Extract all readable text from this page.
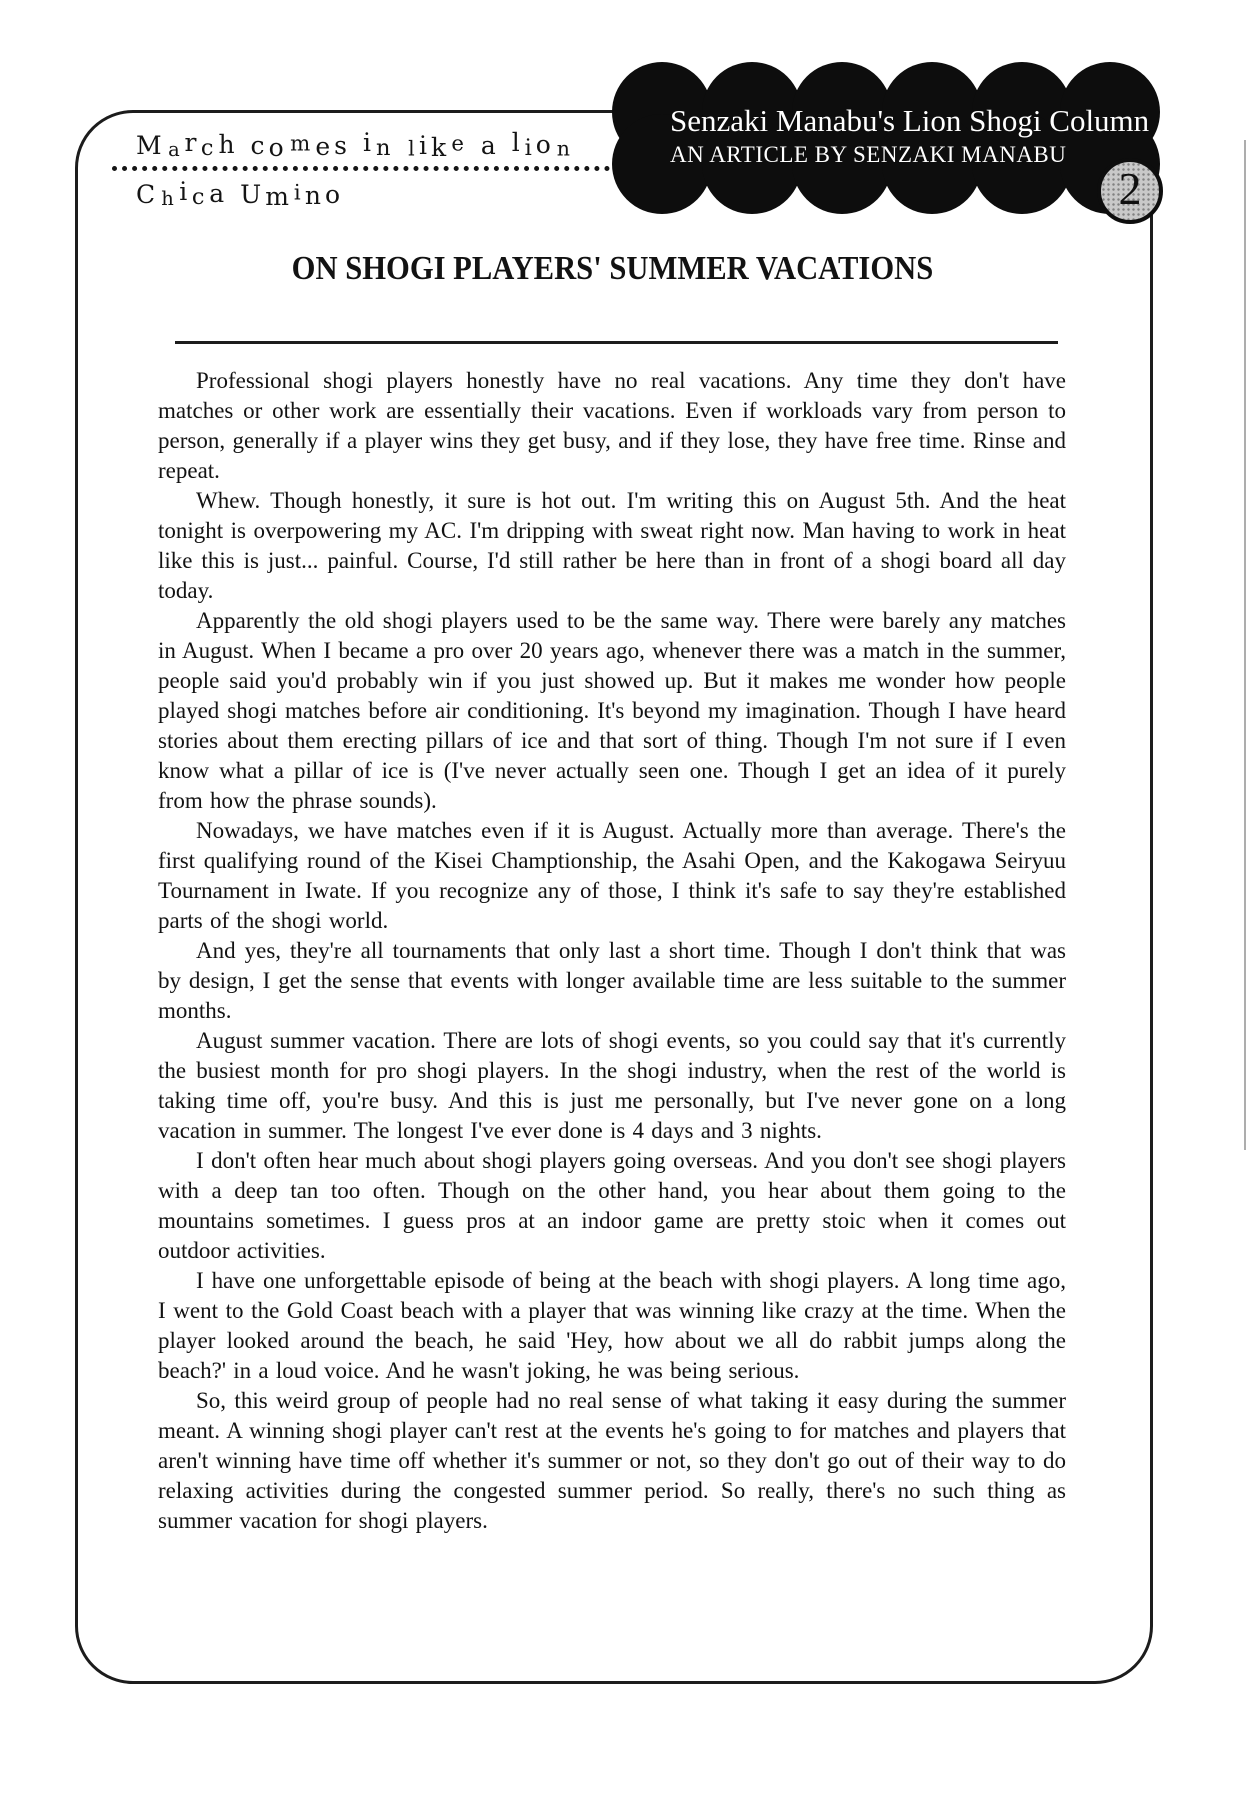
March comes in like a lion
Chica Umino
Senzaki Manabu's Lion Shogi Column
AN ARTICLE BY SENZAKI MANABU
2
ON SHOGI PLAYERS' SUMMER VACATIONS

Professional shogi players honestly have no real vacations. Any time they don't have matches or other work are essentially their vacations. Even if workloads vary from person to person, generally if a player wins they get busy, and if they lose, they have free time. Rinse and repeat.

Whew. Though honestly, it sure is hot out. I'm writing this on August 5th. And the heat tonight is overpowering my AC. I'm dripping with sweat right now. Man having to work in heat like this is just... painful. Course, I'd still rather be here than in front of a shogi board all day today.

Apparently the old shogi players used to be the same way. There were barely any matches in August. When I became a pro over 20 years ago, whenever there was a match in the summer, people said you'd probably win if you just showed up. But it makes me wonder how people played shogi matches before air conditioning. It's beyond my imagination. Though I have heard stories about them erecting pillars of ice and that sort of thing. Though I'm not sure if I even know what a pillar of ice is (I've never actually seen one. Though I get an idea of it purely from how the phrase sounds).

Nowadays, we have matches even if it is August. Actually more than average. There's the first qualifying round of the Kisei Champtionship, the Asahi Open, and the Kakogawa Seiryuu Tournament in Iwate. If you recognize any of those, I think it's safe to say they're established parts of the shogi world.

And yes, they're all tournaments that only last a short time. Though I don't think that was by design, I get the sense that events with longer available time are less suitable to the summer months.

August summer vacation. There are lots of shogi events, so you could say that it's currently the busiest month for pro shogi players. In the shogi industry, when the rest of the world is taking time off, you're busy. And this is just me personally, but I've never gone on a long vacation in summer. The longest I've ever done is 4 days and 3 nights.

I don't often hear much about shogi players going overseas. And you don't see shogi players with a deep tan too often. Though on the other hand, you hear about them going to the mountains sometimes. I guess pros at an indoor game are pretty stoic when it comes out outdoor activities.

I have one unforgettable episode of being at the beach with shogi players. A long time ago, I went to the Gold Coast beach with a player that was winning like crazy at the time. When the player looked around the beach, he said 'Hey, how about we all do rabbit jumps along the beach?' in a loud voice. And he wasn't joking, he was being serious.

So, this weird group of people had no real sense of what taking it easy during the summer meant. A winning shogi player can't rest at the events he's going to for matches and players that aren't winning have time off whether it's summer or not, so they don't go out of their way to do relaxing activities during the congested summer period. So really, there's no such thing as summer vacation for shogi players.
